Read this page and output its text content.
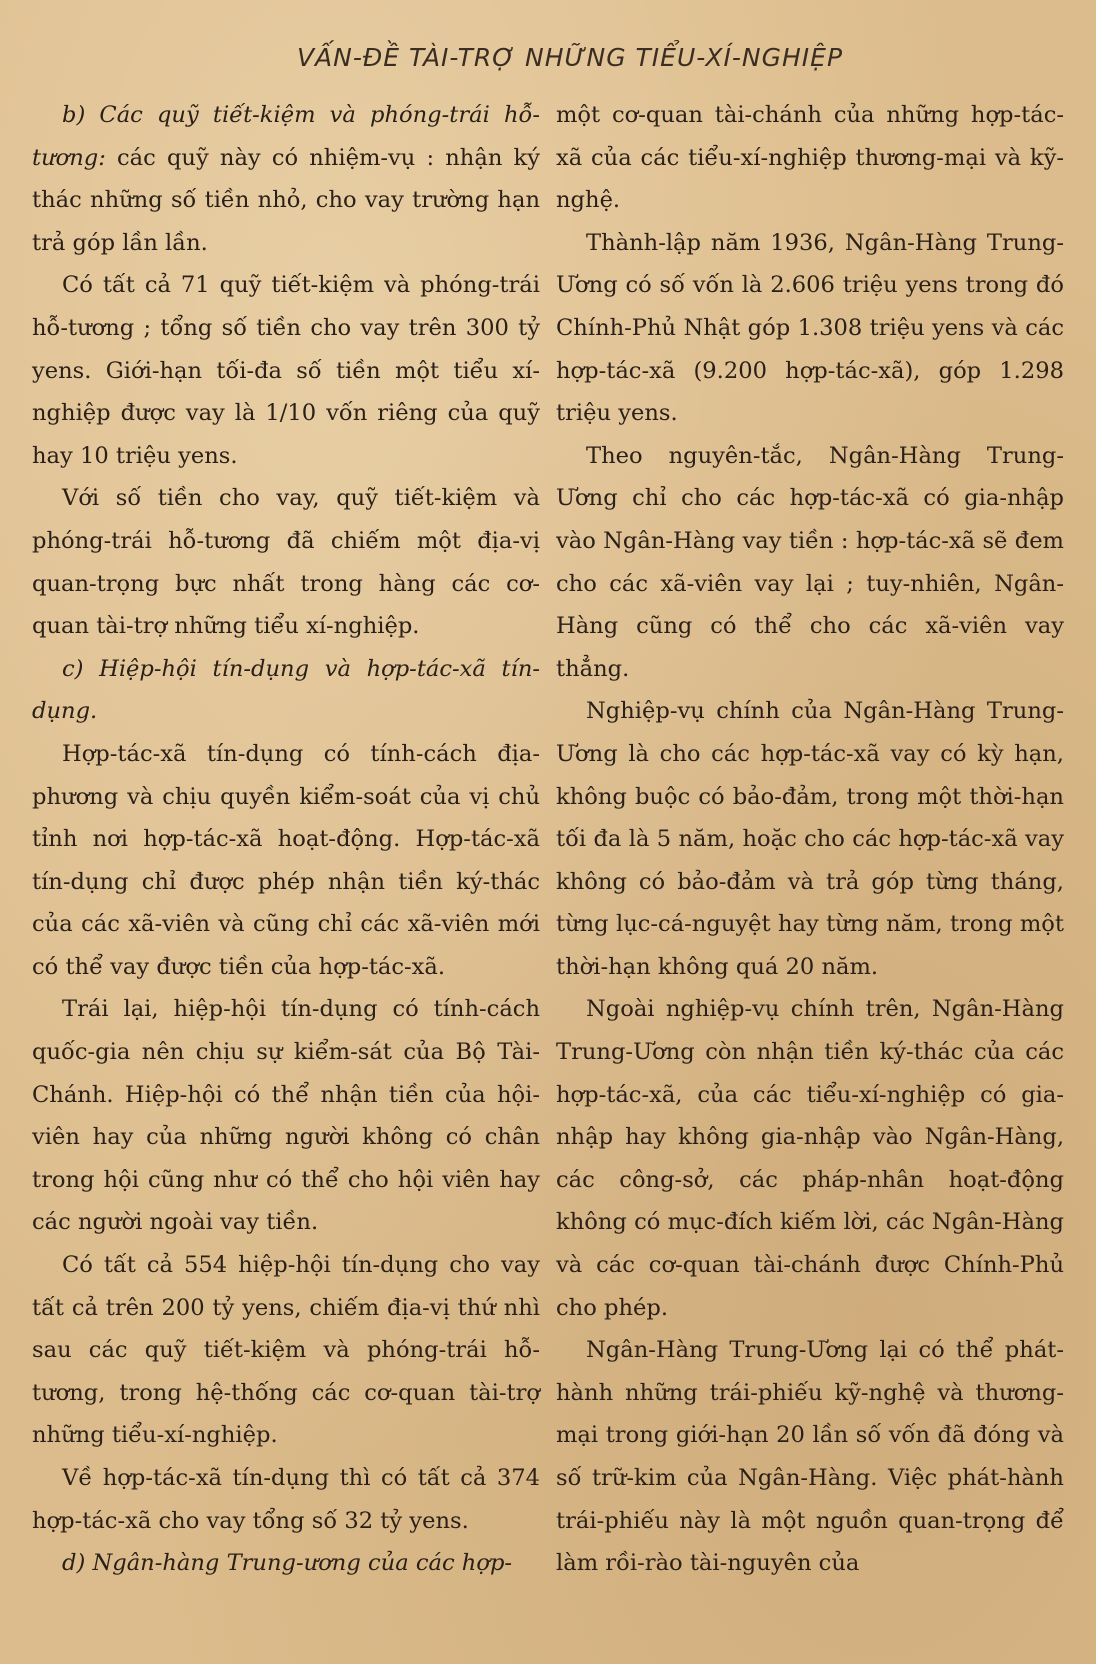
VẤN-ĐỀ TÀI-TRỢ NHỮNG TIỂU-XÍ-NGHIỆP

b) Các quỹ tiết-kiệm và phóng-trái hỗ-tương: các quỹ này có nhiệm-vụ : nhận ký thác những số tiền nhỏ, cho vay trường hạn trả góp lần lần.

Có tất cả 71 quỹ tiết-kiệm và phóng-trái hỗ-tương ; tổng số tiền cho vay trên 300 tỷ yens. Giới-hạn tối-đa số tiền một tiểu xí-nghiệp được vay là 1/10 vốn riêng của quỹ hay 10 triệu yens.

Với số tiền cho vay, quỹ tiết-kiệm và phóng-trái hỗ-tương đã chiếm một địa-vị quan-trọng bực nhất trong hàng các cơ-quan tài-trợ những tiểu xí-nghiệp.

c) Hiệp-hội tín-dụng và hợp-tác-xã tín-dụng.

Hợp-tác-xã tín-dụng có tính-cách địa-phương và chịu quyền kiểm-soát của vị chủ tỉnh nơi hợp-tác-xã hoạt-động. Hợp-tác-xã tín-dụng chỉ được phép nhận tiền ký-thác của các xã-viên và cũng chỉ các xã-viên mới có thể vay được tiền của hợp-tác-xã.

Trái lại, hiệp-hội tín-dụng có tính-cách quốc-gia nên chịu sự kiểm-sát của Bộ Tài-Chánh. Hiệp-hội có thể nhận tiền của hội-viên hay của những người không có chân trong hội cũng như có thể cho hội viên hay các người ngoài vay tiền.

Có tất cả 554 hiệp-hội tín-dụng cho vay tất cả trên 200 tỷ yens, chiếm địa-vị thứ nhì sau các quỹ tiết-kiệm và phóng-trái hỗ-tương, trong hệ-thống các cơ-quan tài-trợ những tiểu-xí-nghiệp.

Về hợp-tác-xã tín-dụng thì có tất cả 374 hợp-tác-xã cho vay tổng số 32 tỷ yens.

d) Ngân-hàng Trung-ương của các hợp-

một cơ-quan tài-chánh của những hợp-tác-xã của các tiểu-xí-nghiệp thương-mại và kỹ-nghệ.

Thành-lập năm 1936, Ngân-Hàng Trung-Ương có số vốn là 2.606 triệu yens trong đó Chính-Phủ Nhật góp 1.308 triệu yens và các hợp-tác-xã (9.200 hợp-tác-xã), góp 1.298 triệu yens.

Theo nguyên-tắc, Ngân-Hàng Trung-Ương chỉ cho các hợp-tác-xã có gia-nhập vào Ngân-Hàng vay tiền : hợp-tác-xã sẽ đem cho các xã-viên vay lại ; tuy-nhiên, Ngân-Hàng cũng có thể cho các xã-viên vay thẳng.

Nghiệp-vụ chính của Ngân-Hàng Trung-Ương là cho các hợp-tác-xã vay có kỳ hạn, không buộc có bảo-đảm, trong một thời-hạn tối đa là 5 năm, hoặc cho các hợp-tác-xã vay không có bảo-đảm và trả góp từng tháng, từng lục-cá-nguyệt hay từng năm, trong một thời-hạn không quá 20 năm.

Ngoài nghiệp-vụ chính trên, Ngân-Hàng Trung-Ương còn nhận tiền ký-thác của các hợp-tác-xã, của các tiểu-xí-nghiệp có gia-nhập hay không gia-nhập vào Ngân-Hàng, các công-sở, các pháp-nhân hoạt-động không có mục-đích kiếm lời, các Ngân-Hàng và các cơ-quan tài-chánh được Chính-Phủ cho phép.

Ngân-Hàng Trung-Ương lại có thể phát-hành những trái-phiếu kỹ-nghệ và thương-mại trong giới-hạn 20 lần số vốn đã đóng và số trữ-kim của Ngân-Hàng. Việc phát-hành trái-phiếu này là một nguồn quan-trọng để làm rồi-rào tài-nguyên của
